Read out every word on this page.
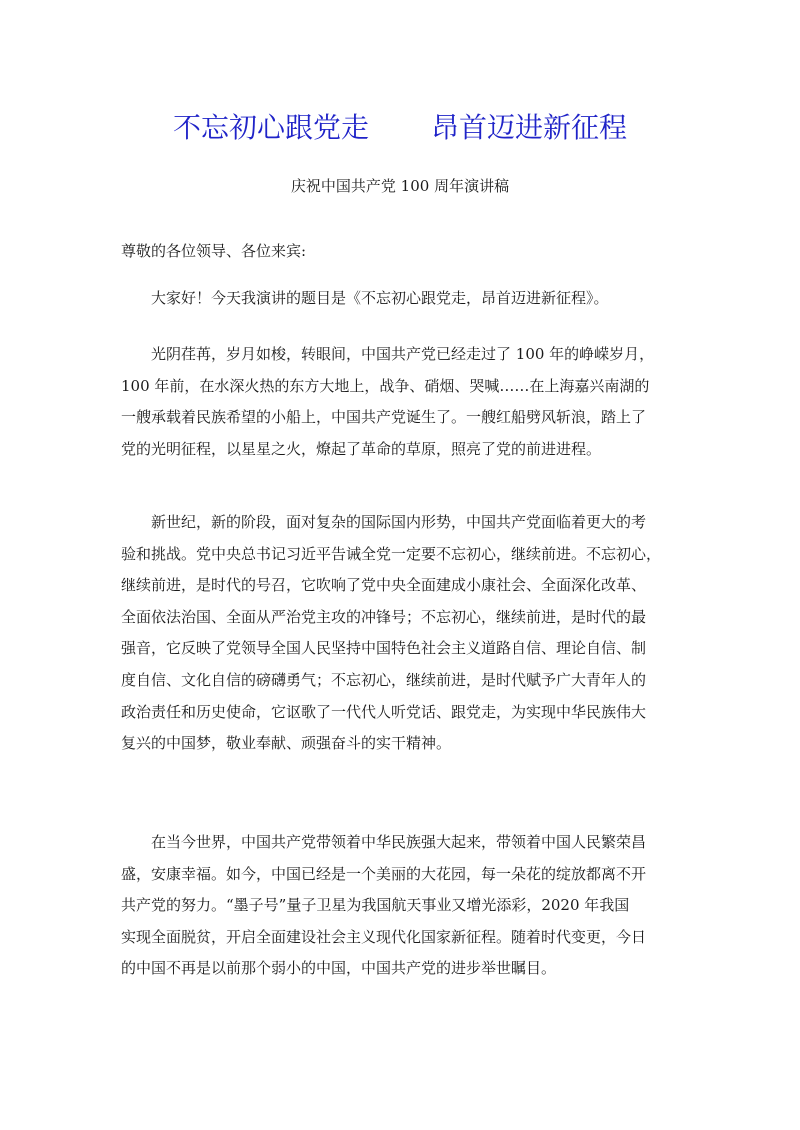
不忘初心跟党走 昂首迈进新征程
庆祝中国共产党 100 周年演讲稿
尊敬的各位领导、各位来宾:
大家好！今天我演讲的题目是《不忘初心跟党走，昂首迈进新征程》。
光阴荏苒，岁月如梭，转眼间，中国共产党已经走过了 100 年的峥嵘岁月，
100 年前，在水深火热的东方大地上，战争、硝烟、哭喊……在上海嘉兴南湖的
一艘承载着民族希望的小船上，中国共产党诞生了。一艘红船劈风斩浪，踏上了
党的光明征程，以星星之火，燎起了革命的草原，照亮了党的前进进程。
新世纪，新的阶段，面对复杂的国际国内形势，中国共产党面临着更大的考
验和挑战。党中央总书记习近平告诫全党一定要不忘初心，继续前进。不忘初心，
继续前进，是时代的号召，它吹响了党中央全面建成小康社会、全面深化改革、
全面依法治国、全面从严治党主攻的冲锋号；不忘初心，继续前进，是时代的最
强音，它反映了党领导全国人民坚持中国特色社会主义道路自信、理论自信、制
度自信、文化自信的磅礴勇气；不忘初心，继续前进，是时代赋予广大青年人的
政治责任和历史使命，它讴歌了一代代人听党话、跟党走，为实现中华民族伟大
复兴的中国梦，敬业奉献、顽强奋斗的实干精神。
在当今世界，中国共产党带领着中华民族强大起来，带领着中国人民繁荣昌
盛，安康幸福。如今，中国已经是一个美丽的大花园，每一朵花的绽放都离不开
共产党的努力。“墨子号”量子卫星为我国航天事业又增光添彩，2020 年我国
实现全面脱贫，开启全面建设社会主义现代化国家新征程。随着时代变更，今日
的中国不再是以前那个弱小的中国，中国共产党的进步举世瞩目。
